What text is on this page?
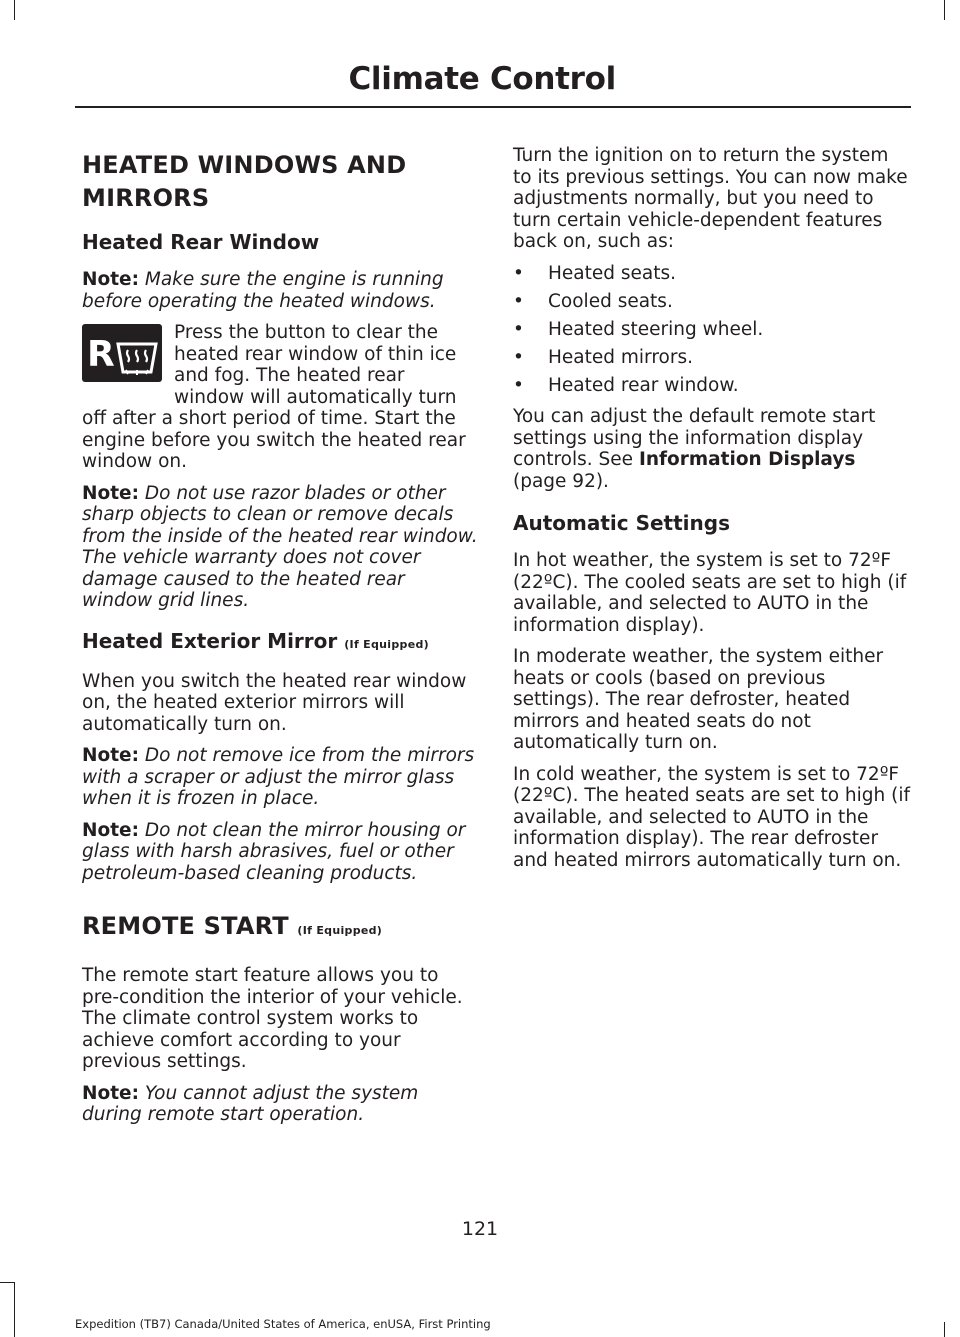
Climate Control
HEATED WINDOWS AND
MIRRORS
Heated Rear Window

Note: Make sure the engine is running before operating the heated windows.

R

Press the button to clear the heated rear window of thin ice and fog. The heated rear window will automatically turn off after a short period of time. Start the engine before you switch the heated rear window on.

Note: Do not use razor blades or other sharp objects to clean or remove decals from the inside of the heated rear window. The vehicle warranty does not cover damage caused to the heated rear window grid lines.

Heated Exterior Mirror (If Equipped)

When you switch the heated rear window on, the heated exterior mirrors will automatically turn on.

Note: Do not remove ice from the mirrors with a scraper or adjust the mirror glass when it is frozen in place.

Note: Do not clean the mirror housing or glass with harsh abrasives, fuel or other petroleum-based cleaning products.

REMOTE START (If Equipped)

The remote start feature allows you to pre-condition the interior of your vehicle. The climate control system works to achieve comfort according to your previous settings.

Note: You cannot adjust the system during remote start operation.

Turn the ignition on to return the system to its previous settings. You can now make adjustments normally, but you need to turn certain vehicle-dependent features back on, such as:

• Heated seats.
• Cooled seats.
• Heated steering wheel.
• Heated mirrors.
• Heated rear window.

You can adjust the default remote start settings using the information display controls. See Information Displays (page 92).

Automatic Settings

In hot weather, the system is set to 72ºF (22ºC). The cooled seats are set to high (if available, and selected to AUTO in the information display).

In moderate weather, the system either heats or cools (based on previous settings). The rear defroster, heated mirrors and heated seats do not automatically turn on.

In cold weather, the system is set to 72ºF (22ºC). The heated seats are set to high (if available, and selected to AUTO in the information display). The rear defroster and heated mirrors automatically turn on.

121
Expedition (TB7) Canada/United States of America, enUSA, First Printing
